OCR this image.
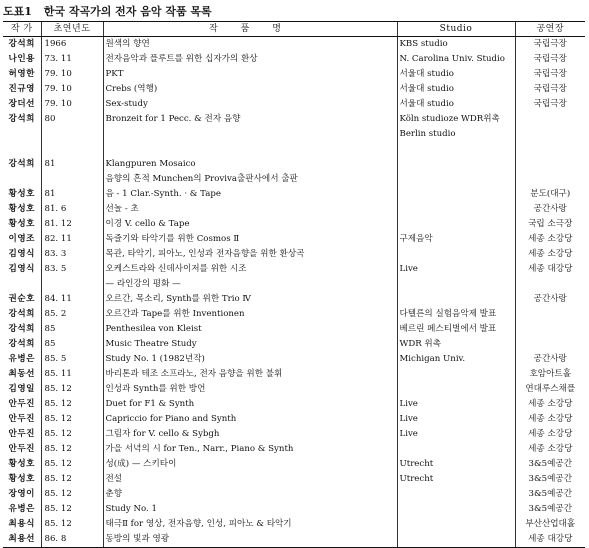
도표1 한국 작곡가의 전자 음악 작품 목록
작 가	초연년도	작 품 명	Studio	공연장
강석희	1966	원색의 향연	KBS studio	국립극장
나인용	73. 11	전자음악과 플루트를 위한 십자가의 환상	N. Carolina Univ. Studio	국립극장
허영한	79. 10	PKT	서울대 studio	국립극장
진규영	79. 10	Crebs (역행)	서울대 studio	국립극장
장더선	79. 10	Sex-study	서울대 studio	국립극장
강석희	80	Bronzeit for 1 Pecc. & 전자 음향	Köln studioze WDR위촉	
			Berlin studio	

강석희	81	Klangpuren Mosaico		
		음향의 흔적 Munchen의 Proviva출판사에서 출판		
황성호	81	음 - 1 Clar.-Synth. · & Tape		분도(대구)
황성호	81. 6	선놀 - 초		공간사랑
황성호	81. 12	이경 V. cello & Tape		국립 소극장
이영조	82. 11	독즐기와 타악기를 위한 Cosmos Ⅱ	구제음악	세종 소강당
김영식	83. 3	목관, 타악기, 피아노, 인성과 전자음향을 위한 환상곡		세종 소강당
김영식	83. 5	오케스트라와 신데사이저를 위한 시조	Live	세종 대강당
		— 라인강의 평화 —		
권순호	84. 11	오르간, 목소리, Synth를 위한 Trio Ⅳ		공간사랑
강석희	85. 2	오르간과 Tape를 위한 Inventionen	다텔른의 실험음악제 발표	
강석희	85	Penthesilea von Kleist	베르린 페스티벌에서 발표	
강석희	85	Music Theatre Study	WDR 위촉	
유병은	85. 5	Study No. 1 (1982년작)	Michigan Univ.	공간사랑
최동선	85. 11	바리톤과 테조 소프라노, 전자 음향을 위한 불휘		호암아트홀
김영일	85. 12	인성과 Synth를 위한 방언		연대루스채플
안두진	85. 12	Duet for F1 & Synth	Live	세종 소강당
안두진	85. 12	Capriccio for Piano and Synth	Live	세종 소강당
안두진	85. 12	그림자 for V. cello & Sybgh	Live	세종 소강당
안두진	85. 12	가을 서녁의 시 for Ten., Narr., Piano & Synth		세종 소강당
황성호	85. 12	성(成) — 스키타이	Utrecht	3&5예공간
황성호	85. 12	전설	Utrecht	3&5예공간
장영이	85. 12	춘향		3&5예공간
유병은	85. 12	Study No. 1		3&5예공간
최용식	85. 12	태극Ⅱ for 영상, 전자음향, 인성, 피아노 & 타악기		부산산업대홀
최용선	86. 8	동방의 빛과 영광		세종 대강당
